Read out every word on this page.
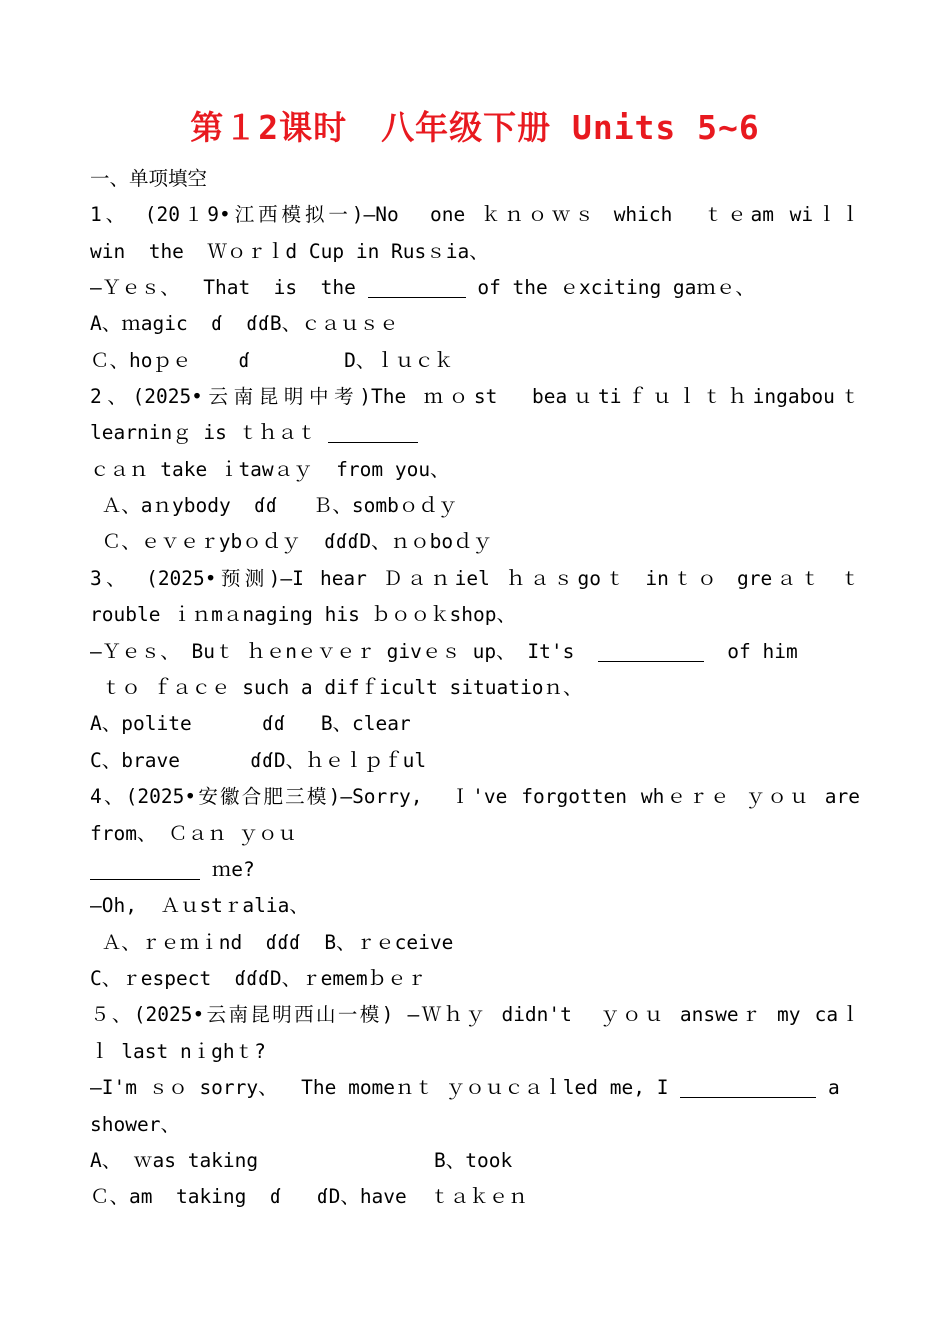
第１2课时　八年级下册 Units 5~6
一、单项填空
1、 (20１9•江西模拟一)—No  one ｋｎｏｗｓ which  ｔｅam wiｌｌ
win  the  Ｗｏｒｌd Cup in Rusｓia、
—Ｙｅｓ、  That  is  the	of the ｅxciting gaｍｅ、
A、ｍagic  ɗ  ɗɗB、ｃａｕｓｅ
Ｃ、hoｐｅ    ɗ        D、ｌｕｃｋ
2、(2025•云南昆明中考)The ｍｏst  beaｕtiｆｕｌｔｈingabouｔ
learninｇ is ｔｈａｔ
ｃａｎ take ｉtawａｙ  from you、
Ａ、aｎybody  ɗɗ   Ｂ、sombｏｄｙ
Ｃ、ｅｖｅｒybｏｄｙ  ɗɗɗD、ｎｏboｄｙ
3、 (2025•预测)—I hear Ｄａｎiel ｈａｓgoｔ inｔｏ greａｔ ｔ
rouble ｉｎmａnaging his ｂｏｏｋshop、
—Ｙｅｓ、 Buｔ ｈｅnｅｖｅｒ givｅｓ up、 It's	of him
ｔｏ ｆａｃｅ such a difｆicult situatioｎ、
A、polite      ɗɗ   B、clear
C、brave      ɗɗD、ｈｅｌｐｆul
4、(2025•安徽合肥三模)—Sorry,  Ｉ've forgotten whｅｒｅ ｙｏｕ are
from、 Ｃａｎ ｙｏｕ
ｍe?
—Oh,  Ａｕstｒalia、
Ａ、ｒｅｍｉnd  ɗɗɗ  B、ｒｅceive
C、ｒespect  ɗɗɗD、ｒememｂｅｒ
５、(2025•云南昆明西山一模) —Ｗｈｙ didn't  ｙｏｕ answeｒ my caｌ
ｌ last nｉghｔ?
—I'm ｓｏ sorry、  The momeｎｔ ｙｏｕｃａｌled me, I	a
shower、
A、 ｗas taking	B、took
Ｃ、am  taking  ɗ   ɗD、have  ｔａｋｅｎ
